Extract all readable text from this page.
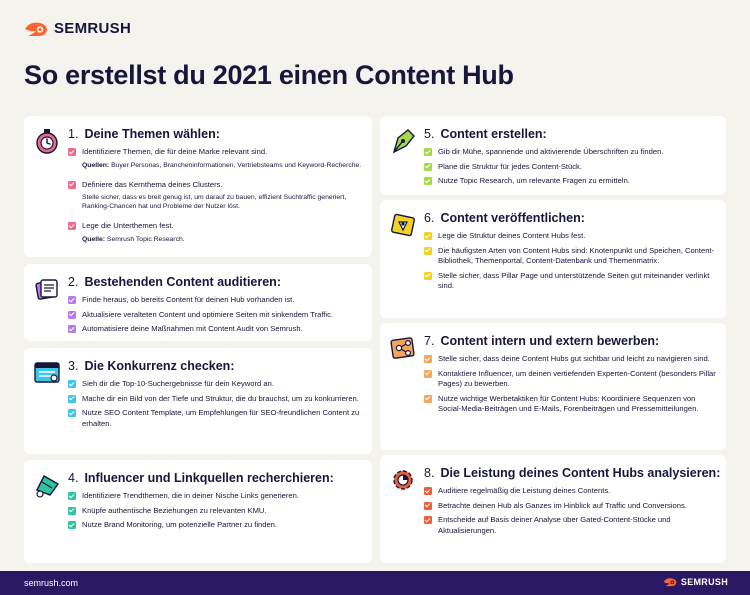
SEMRUSH
So erstellst du 2021 einen Content Hub
1. Deine Themen wählen:
Identifiziere Themen, die für deine Marke relevant sind.
Quellen: Buyer Personas, Brancheninformationen, Vertriebsteams und Keyword-Recherche.
Definiere das Kernthema deines Clusters.
Stelle sicher, dass es breit genug ist, um darauf zu bauen, effizient Suchtraffic generiert, Ranking-Chancen hat und Probleme der Nutzer löst.
Lege die Unterthemen fest.
Quelle: Semrush Topic Research.
2. Bestehenden Content auditieren:
Finde heraus, ob bereits Content für deinen Hub vorhanden ist.
Aktualisiere veralteten Content und optimiere Seiten mit sinkendem Traffic.
Automatisiere deine Maßnahmen mit Content Audit von Semrush.
3. Die Konkurrenz checken:
Sieh dir die Top-10-Suchergebnisse für dein Keyword an.
Mache dir ein Bild von der Tiefe und Struktur, die du brauchst, um zu konkurrieren.
Nutze SEO Content Template, um Empfehlungen für SEO-freundlichen Content zu erhalten.
4. Influencer und Linkquellen recherchieren:
Identifiziere Trendthemen, die in deiner Nische Links generieren.
Knüpfe authentische Beziehungen zu relevanten KMU.
Nutze Brand Monitoring, um potenzielle Partner zu finden.
5. Content erstellen:
Gib dir Mühe, spannende und aktivierende Überschriften zu finden.
Plane die Struktur für jedes Content-Stück.
Nutze Topic Research, um relevante Fragen zu ermitteln.
6. Content veröffentlichen:
Lege die Struktur deines Content Hubs fest.
Die häufigsten Arten von Content Hubs sind: Knotenpunkt und Speichen, Content-Bibliothek, Themenportal, Content-Datenbank und Themenmatrix.
Stelle sicher, dass Pillar Page und unterstützende Seiten gut miteinander verlinkt sind.
7. Content intern und extern bewerben:
Stelle sicher, dass deine Content Hubs gut sichtbar und leicht zu navigieren sind.
Kontaktiere Influencer, um deinen vertiefenden Experten-Content (besonders Pillar Pages) zu bewerben.
Nutze wichtige Werbetaktiken für Content Hubs: Koordiniere Sequenzen von Social-Media-Beiträgen und E-Mails, Forenbeiträgen und Pressemitteilungen.
8. Die Leistung deines Content Hubs analysieren:
Auditiere regelmäßig die Leistung deines Contents.
Betrachte deinen Hub als Ganzes im Hinblick auf Traffic und Conversions.
Entscheide auf Basis deiner Analyse über Gated-Content-Stücke und Aktualisierungen.
semrush.com	SEMRUSH
